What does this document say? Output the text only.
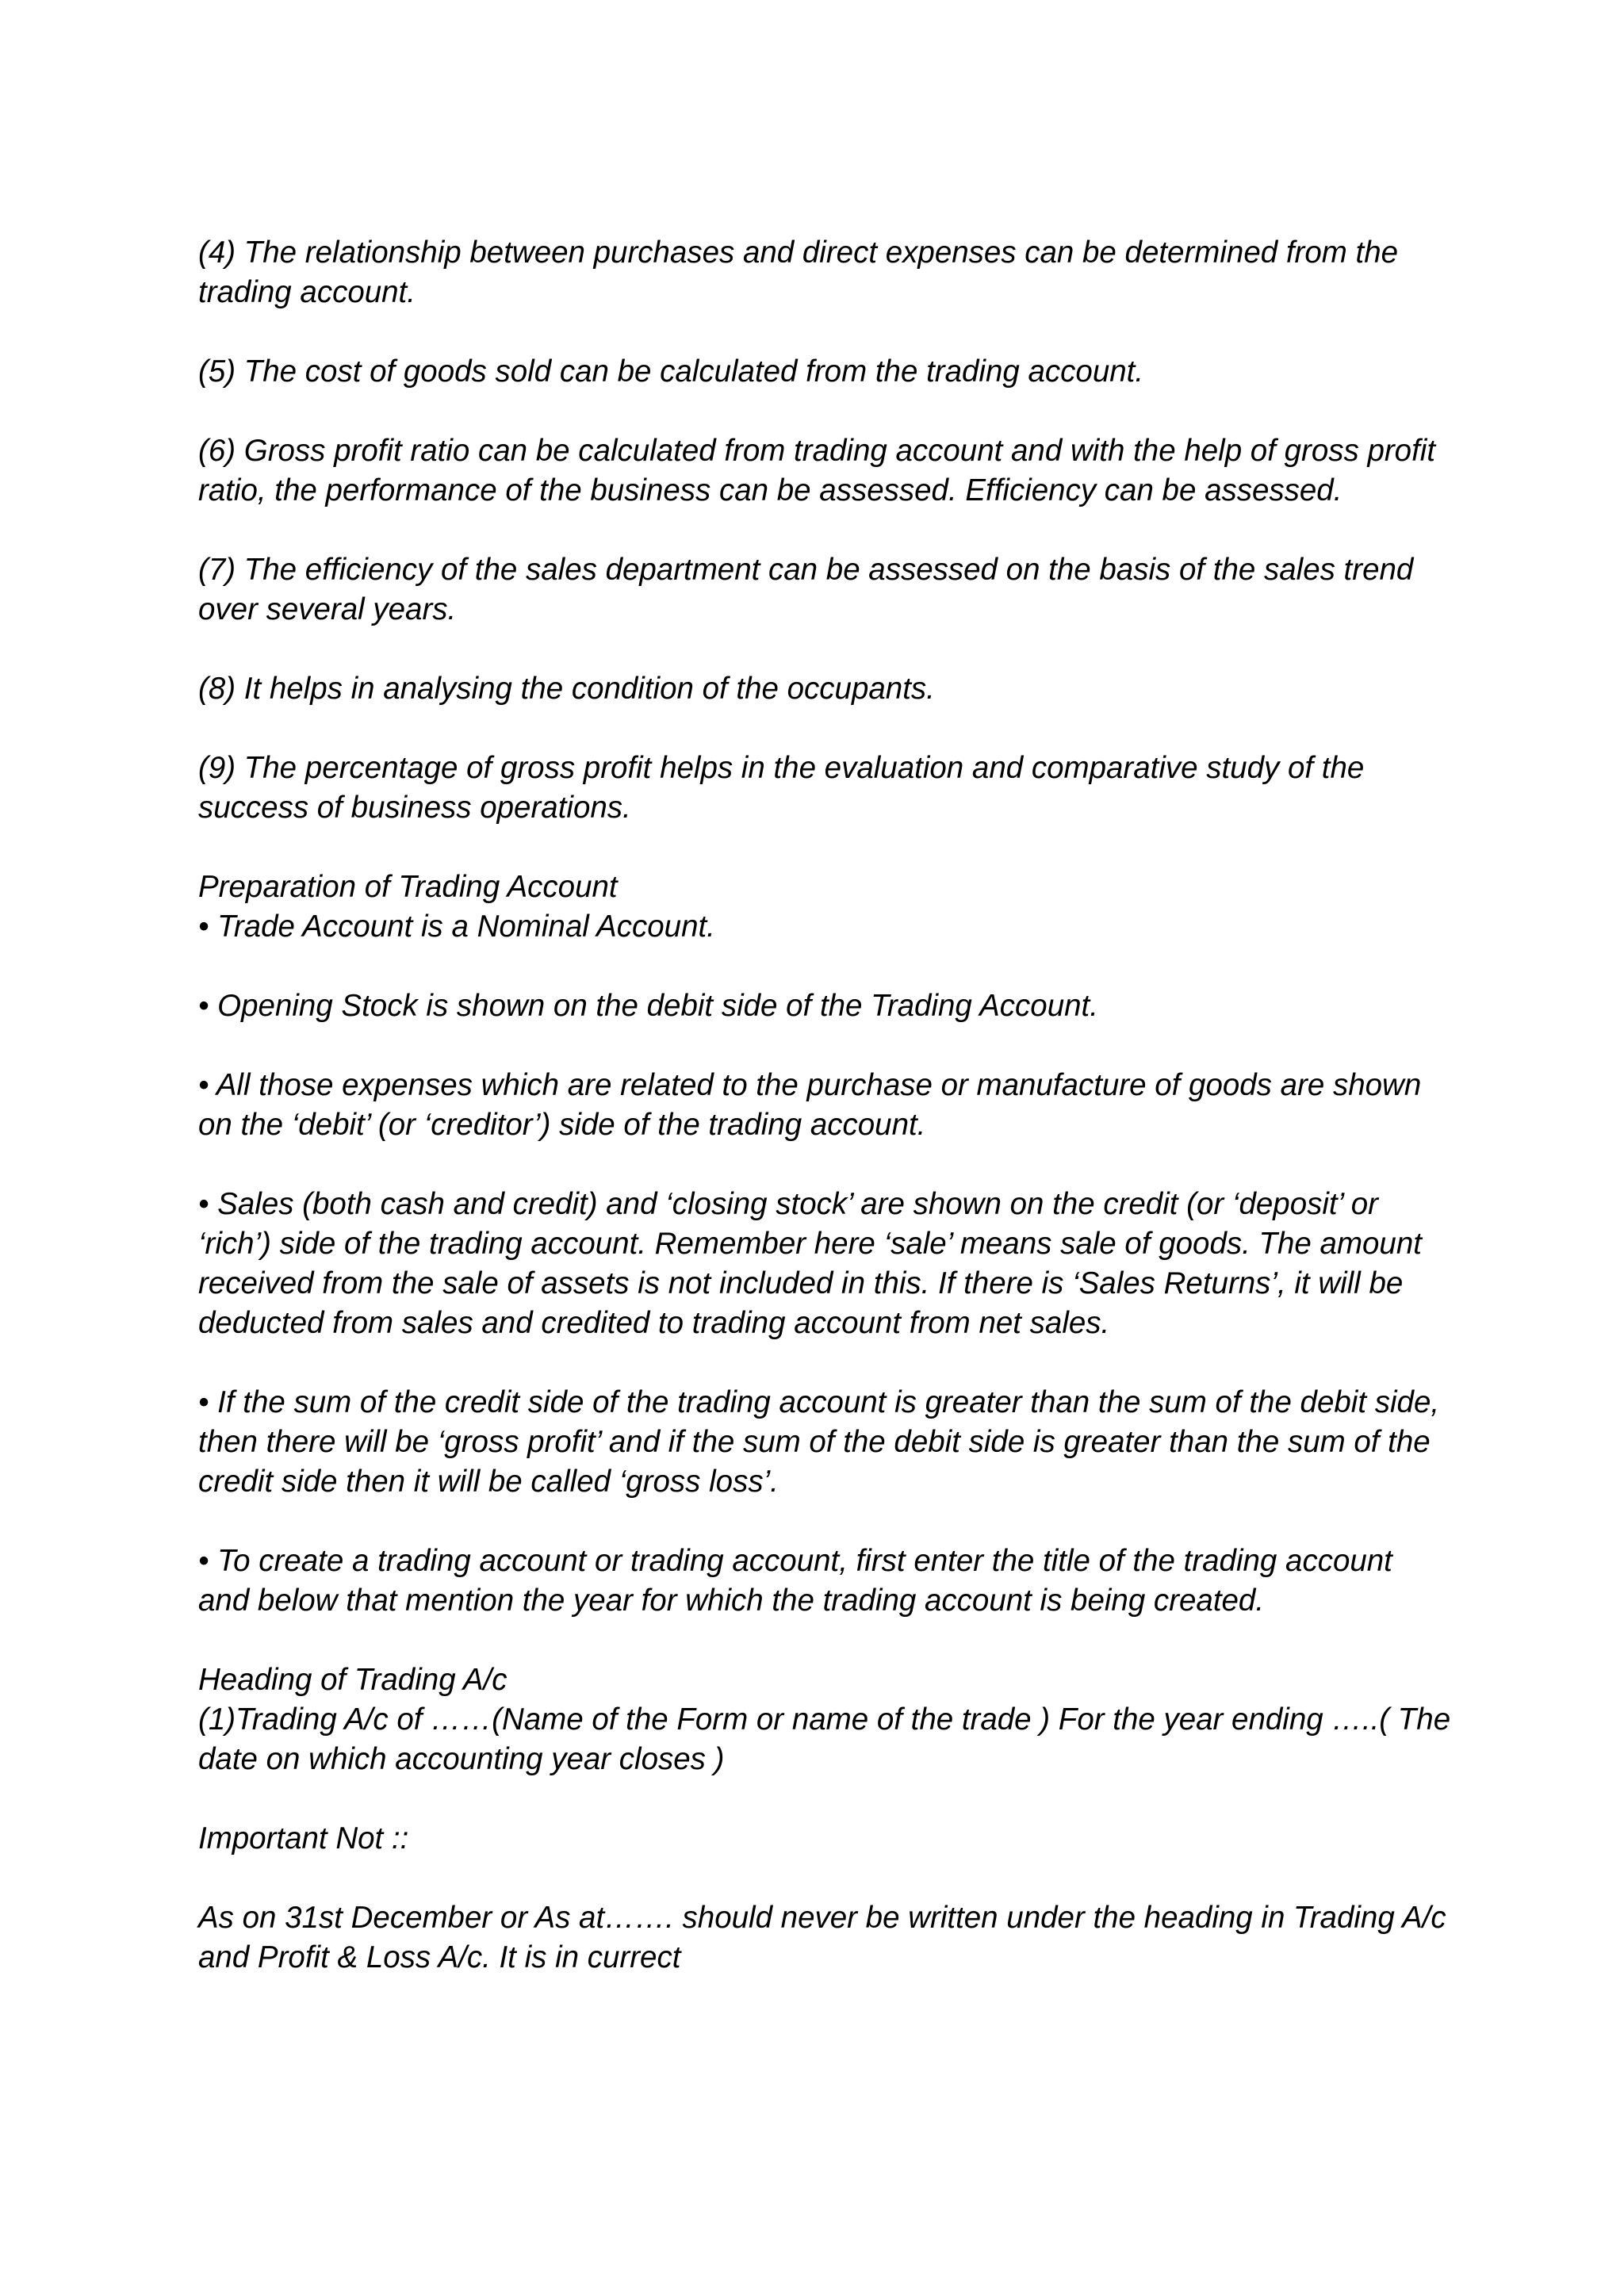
(4) The relationship between purchases and direct expenses can be determined from the
trading account.

(5) The cost of goods sold can be calculated from the trading account.

(6) Gross profit ratio can be calculated from trading account and with the help of gross profit
ratio, the performance of the business can be assessed. Efficiency can be assessed.

(7) The efficiency of the sales department can be assessed on the basis of the sales trend
over several years.

(8) It helps in analysing the condition of the occupants.

(9) The percentage of gross profit helps in the evaluation and comparative study of the
success of business operations.

Preparation of Trading Account

• Trade Account is a Nominal Account.

• Opening Stock is shown on the debit side of the Trading Account.

• All those expenses which are related to the purchase or manufacture of goods are shown
on the ‘debit’ (or ‘creditor’) side of the trading account.

• Sales (both cash and credit) and ‘closing stock’ are shown on the credit (or ‘deposit’ or
‘rich’) side of the trading account. Remember here ‘sale’ means sale of goods. The amount
received from the sale of assets is not included in this. If there is ‘Sales Returns’, it will be
deducted from sales and credited to trading account from net sales.

• If the sum of the credit side of the trading account is greater than the sum of the debit side,
then there will be ‘gross profit’ and if the sum of the debit side is greater than the sum of the
credit side then it will be called ‘gross loss’.

• To create a trading account or trading account, first enter the title of the trading account
and below that mention the year for which the trading account is being created.

Heading of Trading A/c

(1)Trading A/c of ……(Name of the Form or name of the trade ) For the year ending …..( The
date on which accounting year closes )

Important Not ::

As on 31st December or As at……. should never be written under the heading in Trading A/c
and Profit & Loss A/c. It is in currect
